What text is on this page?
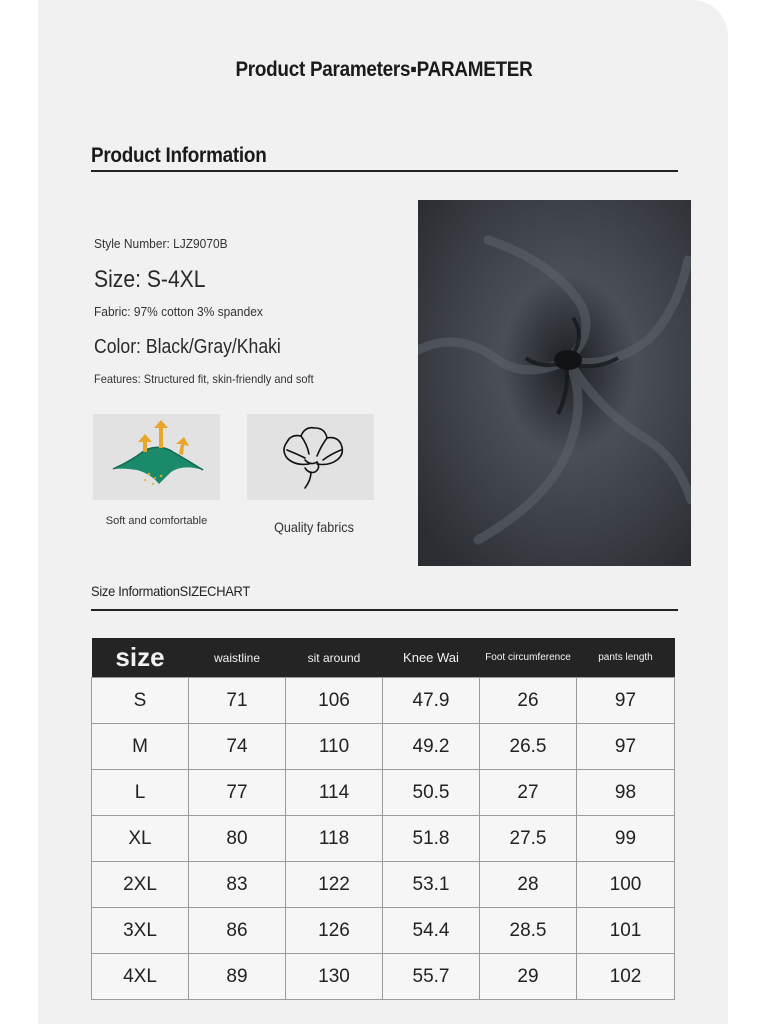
Product Parameters▪PARAMETER
Product Information
Style Number: LJZ9070B
Size: S-4XL
Fabric: 97% cotton 3% spandex
Color: Black/Gray/Khaki
Features: Structured fit, skin-friendly and soft
Soft and comfortable	Quality fabrics
Size InformationSIZECHART
size	waistline	sit around	Knee Wai	Foot circumference	pants length
S	71	106	47.9	26	97
M	74	110	49.2	26.5	97
L	77	114	50.5	27	98
XL	80	118	51.8	27.5	99
2XL	83	122	53.1	28	100
3XL	86	126	54.4	28.5	101
4XL	89	130	55.7	29	102
